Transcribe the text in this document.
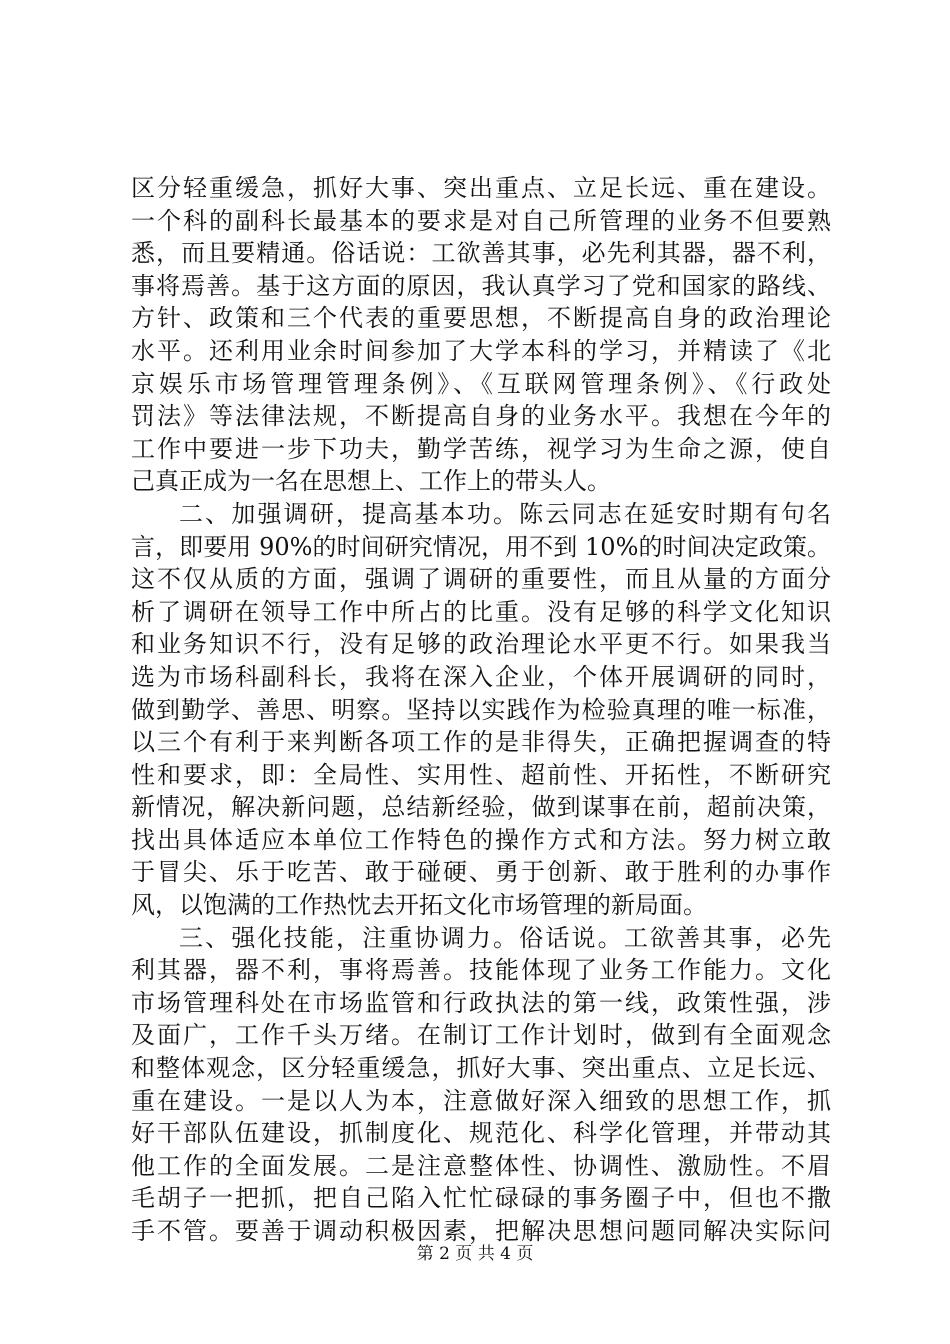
区分轻重缓急，抓好大事、突出重点、立足长远、重在建设。
一个科的副科长最基本的要求是对自己所管理的业务不但要熟
悉，而且要精通。俗话说：工欲善其事，必先利其器，器不利，
事将焉善。基于这方面的原因，我认真学习了党和国家的路线、
方针、政策和三个代表的重要思想，不断提高自身的政治理论
水平。还利用业余时间参加了大学本科的学习，并精读了《北
京娱乐市场管理管理条例》、《互联网管理条例》、《行政处
罚法》等法律法规，不断提高自身的业务水平。我想在今年的
工作中要进一步下功夫，勤学苦练，视学习为生命之源，使自
己真正成为一名在思想上、工作上的带头人。
二、加强调研，提高基本功。陈云同志在延安时期有句名
言，即要用 90%的时间研究情况，用不到 10%的时间决定政策。
这不仅从质的方面，强调了调研的重要性，而且从量的方面分
析了调研在领导工作中所占的比重。没有足够的科学文化知识
和业务知识不行，没有足够的政治理论水平更不行。如果我当
选为市场科副科长，我将在深入企业，个体开展调研的同时，
做到勤学、善思、明察。坚持以实践作为检验真理的唯一标准，
以三个有利于来判断各项工作的是非得失，正确把握调查的特
性和要求，即：全局性、实用性、超前性、开拓性，不断研究
新情况，解决新问题，总结新经验，做到谋事在前，超前决策，
找出具体适应本单位工作特色的操作方式和方法。努力树立敢
于冒尖、乐于吃苦、敢于碰硬、勇于创新、敢于胜利的办事作
风，以饱满的工作热忱去开拓文化市场管理的新局面。
三、强化技能，注重协调力。俗话说。工欲善其事，必先
利其器，器不利，事将焉善。技能体现了业务工作能力。文化
市场管理科处在市场监管和行政执法的第一线，政策性强，涉
及面广，工作千头万绪。在制订工作计划时，做到有全面观念
和整体观念，区分轻重缓急，抓好大事、突出重点、立足长远、
重在建设。一是以人为本，注意做好深入细致的思想工作，抓
好干部队伍建设，抓制度化、规范化、科学化管理，并带动其
他工作的全面发展。二是注意整体性、协调性、激励性。不眉
毛胡子一把抓，把自己陷入忙忙碌碌的事务圈子中，但也不撒
手不管。要善于调动积极因素，把解决思想问题同解决实际问
第 2 页 共 4 页
